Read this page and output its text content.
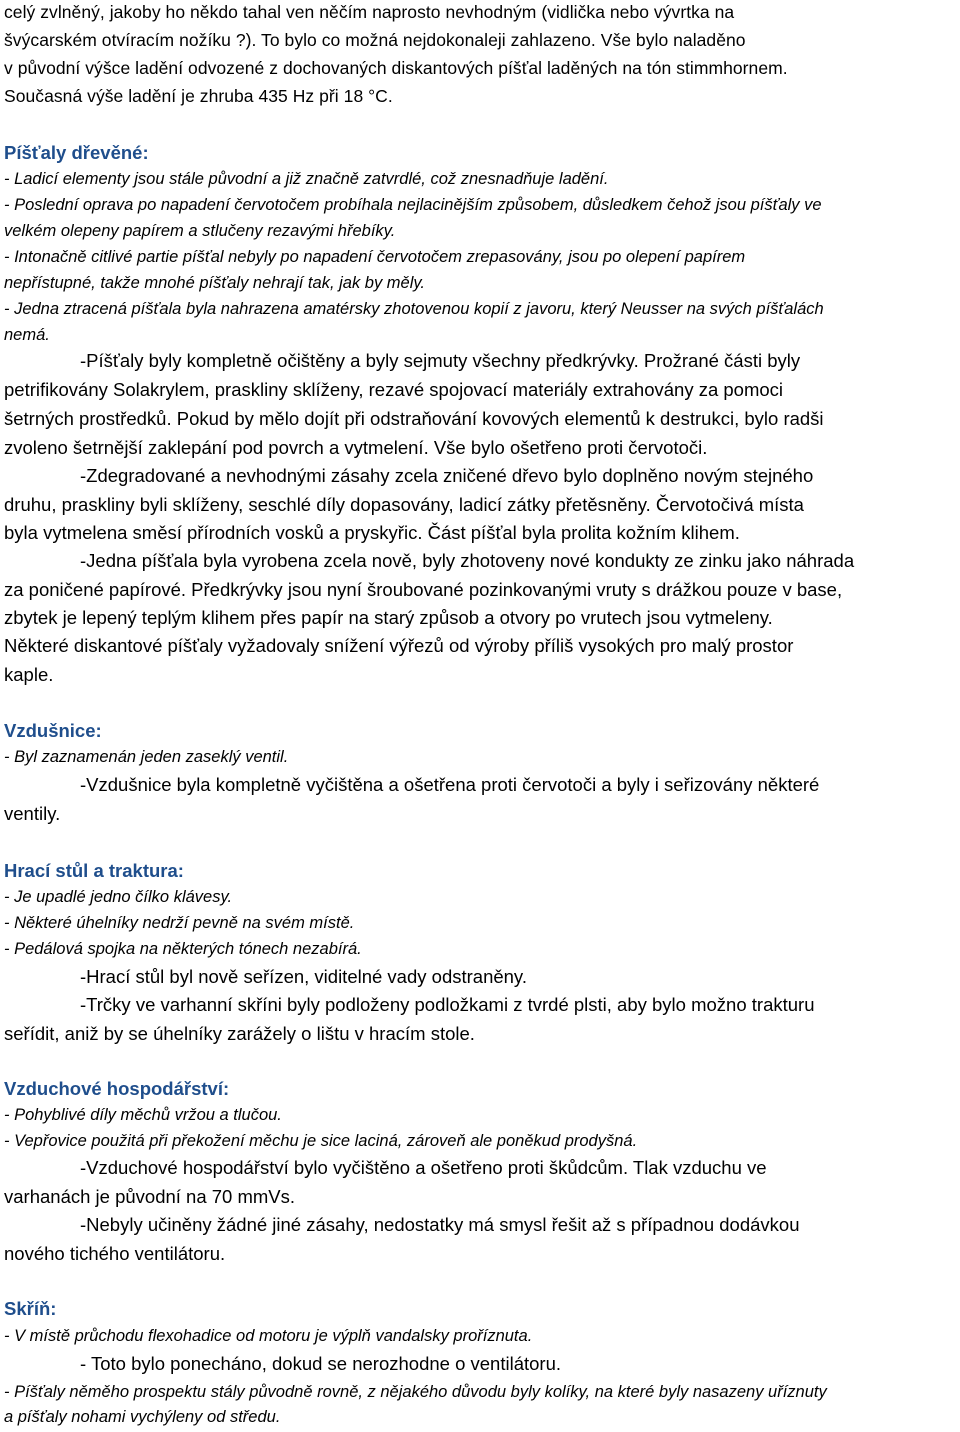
celý zvlněný, jakoby ho někdo tahal ven něčím naprosto nevhodným (vidlička nebo vývrtka na

švýcarském otvíracím nožíku ?). To bylo co možná nejdokonaleji zahlazeno. Vše bylo naladěno

v původní výšce ladění odvozené z dochovaných diskantových píšťal laděných na tón stimmhornem.

Současná výše ladění je zhruba 435 Hz při 18 °C.

Píšťaly dřevěné:

- Ladicí elementy jsou stále původní a již značně zatvrdlé, což znesnadňuje ladění.

- Poslední oprava po napadení červotočem probíhala nejlacinějším způsobem, důsledkem čehož jsou píšťaly ve

velkém olepeny papírem a stlučeny rezavými hřebíky.

- Intonačně citlivé partie píšťal nebyly po napadení červotočem zrepasovány, jsou po olepení papírem

nepřístupné, takže mnohé píšťaly nehrají tak, jak by měly.

- Jedna ztracená píšťala byla nahrazena amatérsky zhotovenou kopií z javoru, který Neusser na svých píšťalách

nemá.

-Píšťaly byly kompletně očištěny a byly sejmuty všechny předkrývky. Prožrané části byly

petrifikovány Solakrylem, praskliny sklíženy, rezavé spojovací materiály extrahovány za pomoci

šetrných prostředků. Pokud by mělo dojít při odstraňování kovových elementů k destrukci, bylo radši

zvoleno šetrnější zaklepání pod povrch a vytmelení. Vše bylo ošetřeno proti červotoči.

-Zdegradované a nevhodnými zásahy zcela zničené dřevo bylo doplněno novým stejného

druhu, praskliny byli sklíženy, seschlé díly dopasovány, ladicí zátky přetěsněny. Červotočivá místa

byla vytmelena směsí přírodních vosků a pryskyřic. Část píšťal byla prolita kožním klihem.

-Jedna píšťala byla vyrobena zcela nově, byly zhotoveny nové kondukty ze zinku jako náhrada

za poničené papírové. Předkrývky jsou nyní šroubované pozinkovanými vruty s drážkou pouze v base,

zbytek je lepený teplým klihem přes papír na starý způsob a otvory po vrutech jsou vytmeleny.

Některé diskantové píšťaly vyžadovaly snížení výřezů od výroby příliš vysokých pro malý prostor

kaple.

Vzdušnice:

- Byl zaznamenán jeden zaseklý ventil.

-Vzdušnice byla kompletně vyčištěna a ošetřena proti červotoči a byly i seřizovány některé

ventily.

Hrací stůl a traktura:

- Je upadlé jedno čílko klávesy.

- Některé úhelníky nedrží pevně na svém místě.

- Pedálová spojka na některých tónech nezabírá.

-Hrací stůl byl nově seřízen, viditelné vady odstraněny.

-Trčky ve varhanní skříni byly podloženy podložkami z tvrdé plsti, aby bylo možno trakturu

seřídit, aniž by se úhelníky zarážely o lištu v hracím stole.

Vzduchové hospodářství:

- Pohyblivé díly měchů vržou a tlučou.

- Vepřovice použitá při překožení měchu je sice laciná, zároveň ale poněkud prodyšná.

-Vzduchové hospodářství bylo vyčištěno a ošetřeno proti škůdcům. Tlak vzduchu ve

varhanách je původní na 70 mmVs.

-Nebyly učiněny žádné jiné zásahy, nedostatky má smysl řešit až s případnou dodávkou

nového tichého ventilátoru.

Skříň:

- V místě průchodu flexohadice od motoru je výplň vandalsky proříznuta.

- Toto bylo ponecháno, dokud se nerozhodne o ventilátoru.

- Píšťaly něměho prospektu stály původně rovně, z nějakého důvodu byly kolíky, na které byly nasazeny uříznuty

a píšťaly nohami vychýleny od středu.
